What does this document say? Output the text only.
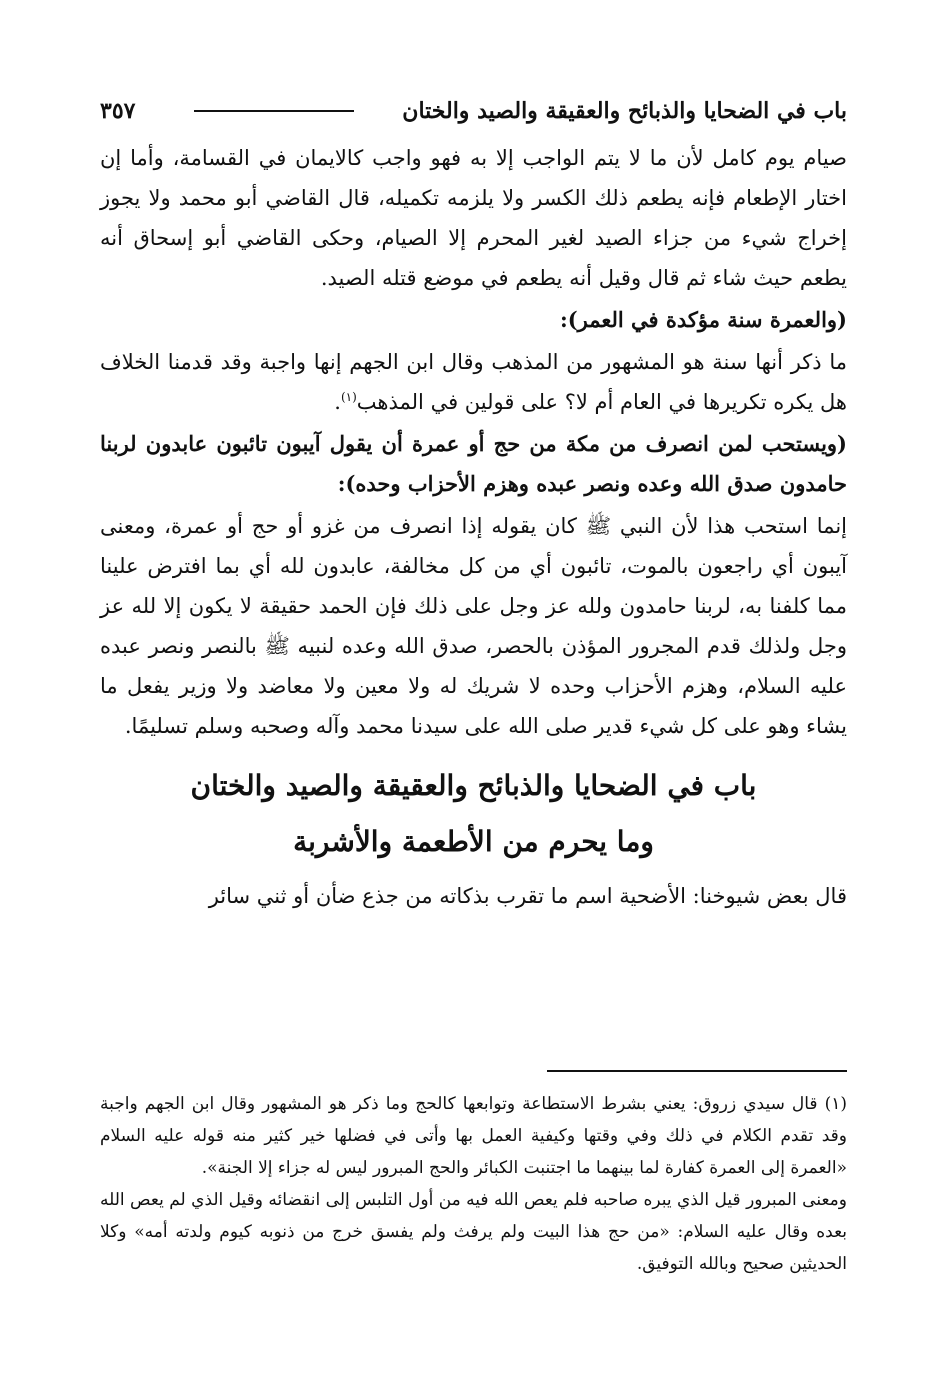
باب في الضحايا والذبائح والعقيقة والصيد والختان
٣٥٧

صيام يوم كامل لأن ما لا يتم الواجب إلا به فهو واجب كالايمان في القسامة، وأما إن اختار الإطعام فإنه يطعم ذلك الكسر ولا يلزمه تكميله، قال القاضي أبو محمد ولا يجوز إخراج شيء من جزاء الصيد لغير المحرم إلا الصيام، وحكى القاضي أبو إسحاق أنه يطعم حيث شاء ثم قال وقيل أنه يطعم في موضع قتله الصيد.

(والعمرة سنة مؤكدة في العمر):

ما ذكر أنها سنة هو المشهور من المذهب وقال ابن الجهم إنها واجبة وقد قدمنا الخلاف هل يكره تكريرها في العام أم لا؟ على قولين في المذهب$^{(١)}$.

(ويستحب لمن انصرف من مكة من حج أو عمرة أن يقول آيبون تائبون عابدون لربنا حامدون صدق الله وعده ونصر عبده وهزم الأحزاب وحده):

إنما استحب هذا لأن النبي ﷺ كان يقوله إذا انصرف من غزو أو حج أو عمرة، ومعنى آيبون أي راجعون بالموت، تائبون أي من كل مخالفة، عابدون لله أي بما افترض علينا مما كلفنا به، لربنا حامدون ولله عز وجل على ذلك فإن الحمد حقيقة لا يكون إلا لله عز وجل ولذلك قدم المجرور المؤذن بالحصر، صدق الله وعده لنبيه ﷺ بالنصر ونصر عبده عليه السلام، وهزم الأحزاب وحده لا شريك له ولا معين ولا معاضد ولا وزير يفعل ما يشاء وهو على كل شيء قدير صلى الله على سيدنا محمد وآله وصحبه وسلم تسليمًا.

باب في الضحايا والذبائح والعقيقة والصيد والختان
وما يحرم من الأطعمة والأشربة

قال بعض شيوخنا: الأضحية اسم ما تقرب بذكاته من جذع ضأن أو ثني سائر

(١) قال سيدي زروق: يعني بشرط الاستطاعة وتوابعها كالحج وما ذكر هو المشهور وقال ابن الجهم واجبة وقد تقدم الكلام في ذلك وفي وقتها وكيفية العمل بها وأتى في فضلها خير كثير منه قوله عليه السلام «العمرة إلى العمرة كفارة لما بينهما ما اجتنبت الكبائر والحج المبرور ليس له جزاء إلا الجنة».

ومعنى المبرور قيل الذي يبره صاحبه فلم يعص الله فيه من أول التلبس إلى انقضائه وقيل الذي لم يعص الله بعده وقال عليه السلام: «من حج هذا البيت ولم يرفث ولم يفسق خرج من ذنوبه كيوم ولدته أمه» وكلا الحديثين صحيح وبالله التوفيق.
